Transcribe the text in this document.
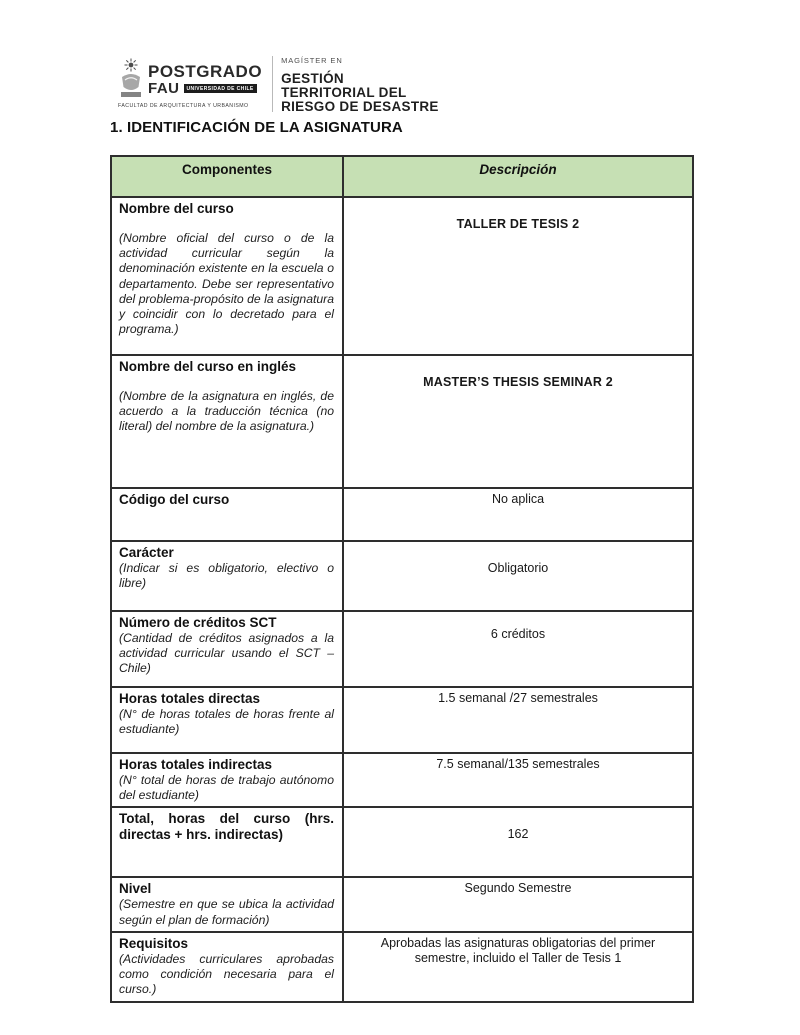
POSTGRADO
FAU	UNIVERSIDAD DE CHILE
FACULTAD DE ARQUITECTURA Y URBANISMO
MAGÍSTER EN
GESTIÓN
TERRITORIAL DEL
RIESGO DE DESASTRE
1. IDENTIFICACIÓN DE LA ASIGNATURA
Componentes	Descripción

Nombre del curso
(Nombre oficial del curso o de la actividad curricular según la denominación existente en la escuela o departamento. Debe ser representativo del problema-propósito de la asignatura y coincidir con lo decretado para el programa.)	TALLER DE TESIS 2

Nombre del curso en inglés
(Nombre de la asignatura en inglés, de acuerdo a la traducción técnica (no literal) del nombre de la asignatura.)	MASTER’S THESIS SEMINAR 2

Código del curso	No aplica

Carácter
(Indicar si es obligatorio, electivo o libre)	Obligatorio

Número de créditos SCT
(Cantidad de créditos asignados a la actividad curricular usando el SCT – Chile)	6 créditos

Horas totales directas
(N° de horas totales de horas frente al estudiante)	1.5 semanal /27 semestrales

Horas totales indirectas
(N° total de horas de trabajo autónomo del estudiante)	7.5 semanal/135 semestrales

Total, horas del curso (hrs. directas + hrs. indirectas)	162

Nivel
(Semestre en que se ubica la actividad según el plan de formación)	Segundo Semestre

Requisitos
(Actividades curriculares aprobadas como condición necesaria para el curso.)	Aprobadas las asignaturas obligatorias del primer semestre, incluido el Taller de Tesis 1
